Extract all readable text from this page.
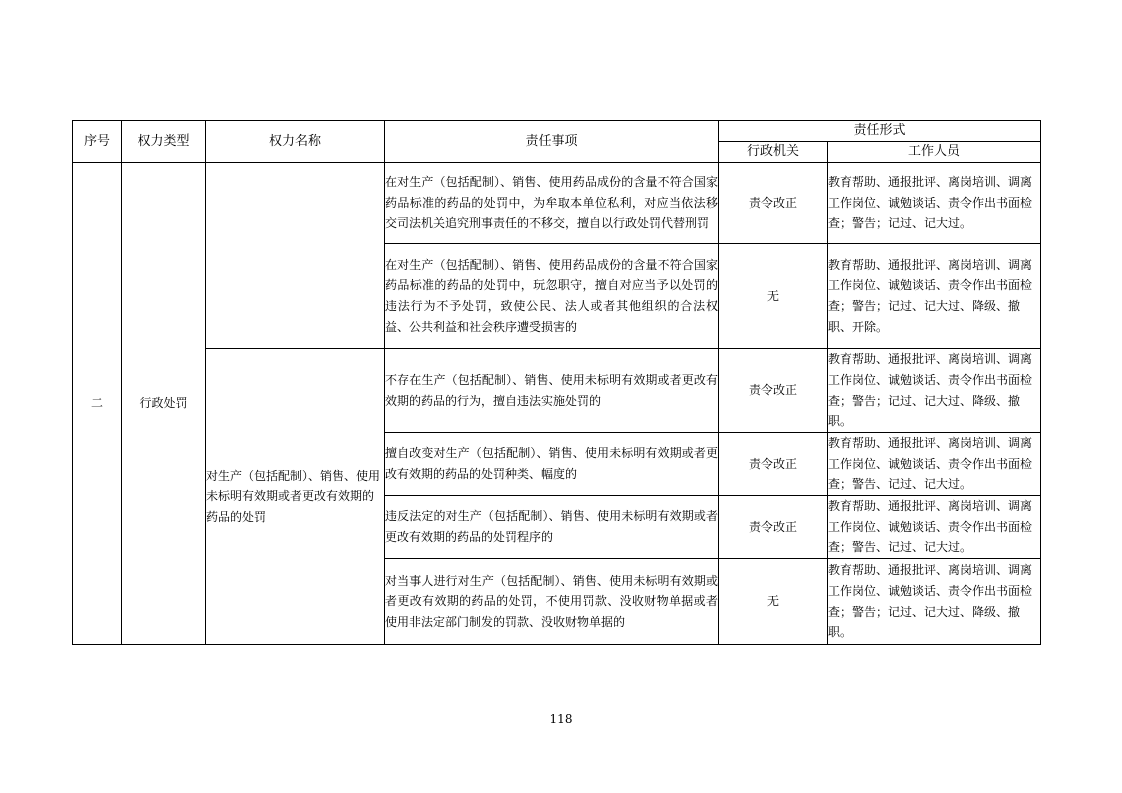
序号	权力类型	权力名称	责任事项	责任形式	
				行政机关	工作人员
二	行政处罚		在对生产（包括配制）、销售、使用药品成份的含量不符合国家药品标准的药品的处罚中，为牟取本单位私利，对应当依法移交司法机关追究刑事责任的不移交，擅自以行政处罚代替刑罚	责令改正	教育帮助、通报批评、离岗培训、调离工作岗位、诚勉谈话、责令作出书面检查；警告；记过、记大过。
			在对生产（包括配制）、销售、使用药品成份的含量不符合国家药品标准的药品的处罚中，玩忽职守，擅自对应当予以处罚的违法行为不予处罚，致使公民、法人或者其他组织的合法权益、公共利益和社会秩序遭受损害的	无	教育帮助、通报批评、离岗培训、调离工作岗位、诚勉谈话、责令作出书面检查；警告；记过、记大过、降级、撤职、开除。
		对生产（包括配制）、销售、使用未标明有效期或者更改有效期的药品的处罚	不存在生产（包括配制）、销售、使用未标明有效期或者更改有效期的药品的行为，擅自违法实施处罚的	责令改正	教育帮助、通报批评、离岗培训、调离工作岗位、诚勉谈话、责令作出书面检查；警告；记过、记大过、降级、撤职。
			擅自改变对生产（包括配制）、销售、使用未标明有效期或者更改有效期的药品的处罚种类、幅度的	责令改正	教育帮助、通报批评、离岗培训、调离工作岗位、诚勉谈话、责令作出书面检查；警告、记过、记大过。
			违反法定的对生产（包括配制）、销售、使用未标明有效期或者更改有效期的药品的处罚程序的	责令改正	教育帮助、通报批评、离岗培训、调离工作岗位、诚勉谈话、责令作出书面检查；警告、记过、记大过。
			对当事人进行对生产（包括配制）、销售、使用未标明有效期或者更改有效期的药品的处罚，不使用罚款、没收财物单据或者使用非法定部门制发的罚款、没收财物单据的	无	教育帮助、通报批评、离岗培训、调离工作岗位、诚勉谈话、责令作出书面检查；警告；记过、记大过、降级、撤职。
118
